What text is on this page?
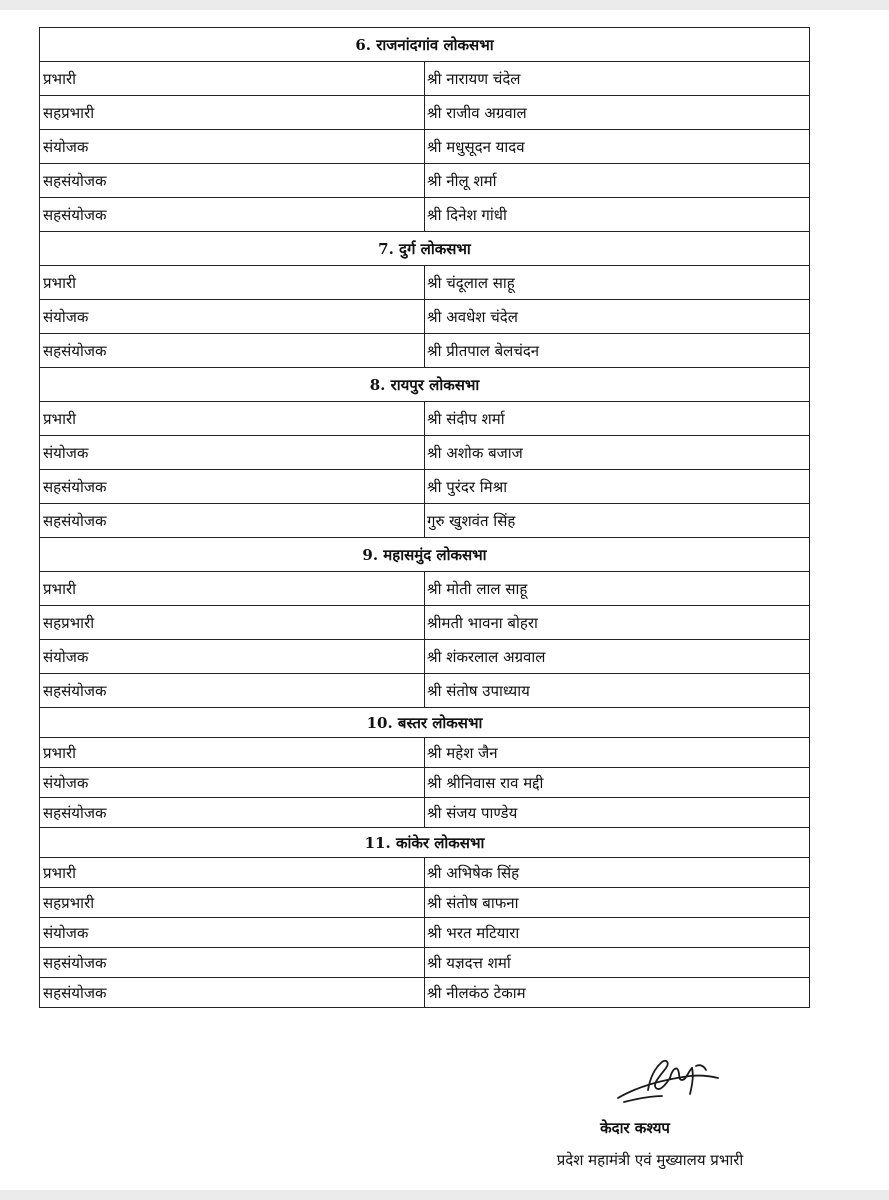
6. राजनांदगांव लोकसभा	
प्रभारी	श्री नारायण चंदेल
सहप्रभारी	श्री राजीव अग्रवाल
संयोजक	श्री मधुसूदन यादव
सहसंयोजक	श्री नीलू शर्मा
सहसंयोजक	श्री दिनेश गांधी
7. दुर्ग लोकसभा	
प्रभारी	श्री चंदूलाल साहू
संयोजक	श्री अवधेश चंदेल
सहसंयोजक	श्री प्रीतपाल बेलचंदन
8. रायपुर लोकसभा	
प्रभारी	श्री संदीप शर्मा
संयोजक	श्री अशोक बजाज
सहसंयोजक	श्री पुरंदर मिश्रा
सहसंयोजक	गुरु खुशवंत सिंह
9. महासमुंद लोकसभा	
प्रभारी	श्री मोती लाल साहू
सहप्रभारी	श्रीमती भावना बोहरा
संयोजक	श्री शंकरलाल अग्रवाल
सहसंयोजक	श्री संतोष उपाध्याय
10. बस्तर लोकसभा	
प्रभारी	श्री महेश जैन
संयोजक	श्री श्रीनिवास राव मद्दी
सहसंयोजक	श्री संजय पाण्डेय
11. कांकेर लोकसभा	
प्रभारी	श्री अभिषेक सिंह
सहप्रभारी	श्री संतोष बाफना
संयोजक	श्री भरत मटियारा
सहसंयोजक	श्री यज्ञदत्त शर्मा
सहसंयोजक	श्री नीलकंठ टेकाम
केदार कश्यप
प्रदेश महामंत्री एवं मुख्यालय प्रभारी
